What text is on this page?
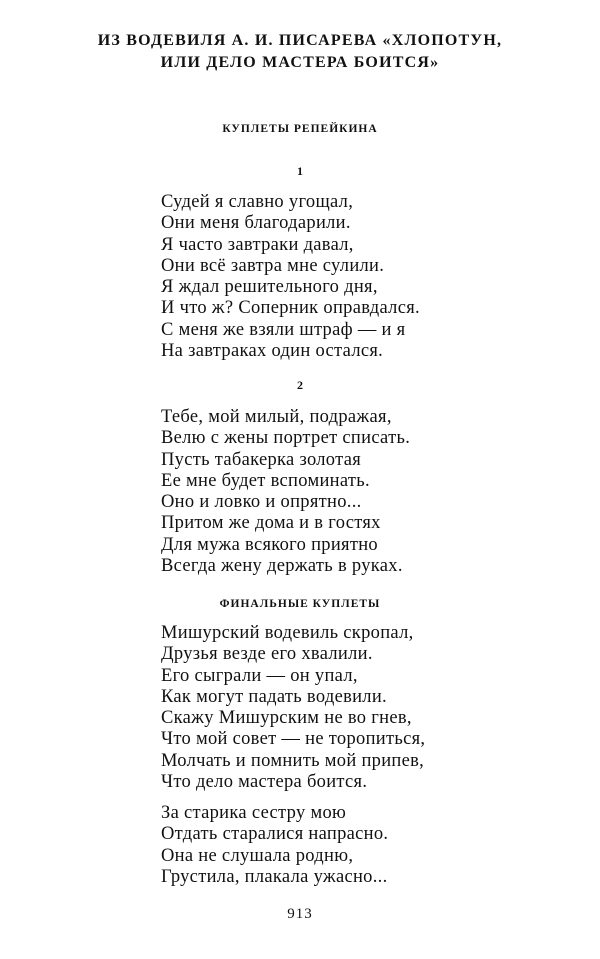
ИЗ ВОДЕВИЛЯ А. И. ПИСАРЕВА «ХЛОПОТУН,
ИЛИ ДЕЛО МАСТЕРА БОИТСЯ»
КУПЛЕТЫ РЕПЕЙКИНА
1
Судей я славно угощал,
Они меня благодарили.
Я часто завтраки давал,
Они всё завтра мне сулили.
Я ждал решительного дня,
И что ж? Соперник оправдался.
С меня же взяли штраф — и я
На завтраках один остался.
2
Тебе, мой милый, подражая,
Велю с жены портрет списать.
Пусть табакерка золотая
Ее мне будет вспоминать.
Оно и ловко и опрятно...
Притом же дома и в гостях
Для мужа всякого приятно
Всегда жену держать в руках.
ФИНАЛЬНЫЕ КУПЛЕТЫ
Мишурский водевиль скропал,
Друзья везде его хвалили.
Его сыграли — он упал,
Как могут падать водевили.
Скажу Мишурским не во гнев,
Что мой совет — не торопиться,
Молчать и помнить мой припев,
Что дело мастера боится.
За старика сестру мою
Отдать старалися напрасно.
Она не слушала родню,
Грустила, плакала ужасно...
913
